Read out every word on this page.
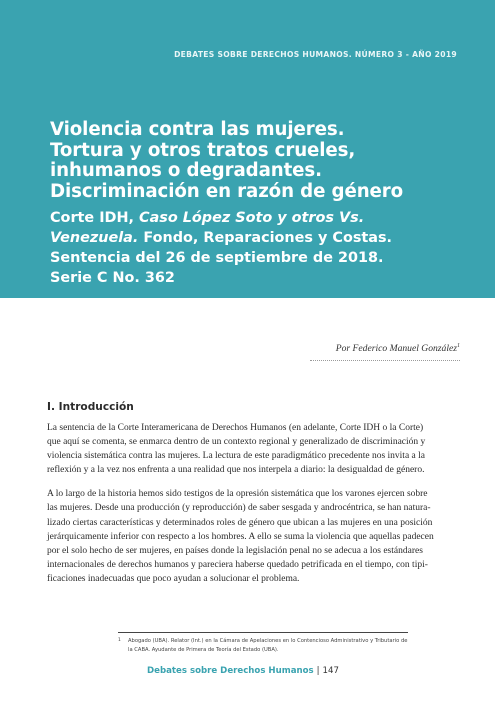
DEBATES SOBRE DERECHOS HUMANOS. NÚMERO 3 - AÑO 2019
Violencia contra las mujeres.
Tortura y otros tratos crueles,
inhumanos o degradantes.
Discriminación en razón de género
Corte IDH, Caso López Soto y otros Vs.
Venezuela. Fondo, Reparaciones y Costas.
Sentencia del 26 de septiembre de 2018.
Serie C No. 362
Por Federico Manuel González$^1$
I. Introducción

La sentencia de la Corte Interamericana de Derechos Humanos (en adelante, Corte IDH o la Corte)
que aquí se comenta, se enmarca dentro de un contexto regional y generalizado de discriminación y
violencia sistemática contra las mujeres. La lectura de este paradigmático precedente nos invita a la
reflexión y a la vez nos enfrenta a una realidad que nos interpela a diario: la desigualdad de género.

A lo largo de la historia hemos sido testigos de la opresión sistemática que los varones ejercen sobre
las mujeres. Desde una producción (y reproducción) de saber sesgada y androcéntrica, se han natura-
lizado ciertas características y determinados roles de género que ubican a las mujeres en una posición
jerárquicamente inferior con respecto a los hombres. A ello se suma la violencia que aquellas padecen
por el solo hecho de ser mujeres, en países donde la legislación penal no se adecua a los estándares
internacionales de derechos humanos y pareciera haberse quedado petrificada en el tiempo, con tipi-
ficaciones inadecuadas que poco ayudan a solucionar el problema.

1	Abogado (UBA). Relator (Int.) en la Cámara de Apelaciones en lo Contencioso Administrativo y Tributario de
la CABA. Ayudante de Primera de Teoría del Estado (UBA).
Debates sobre Derechos Humanos | 147
